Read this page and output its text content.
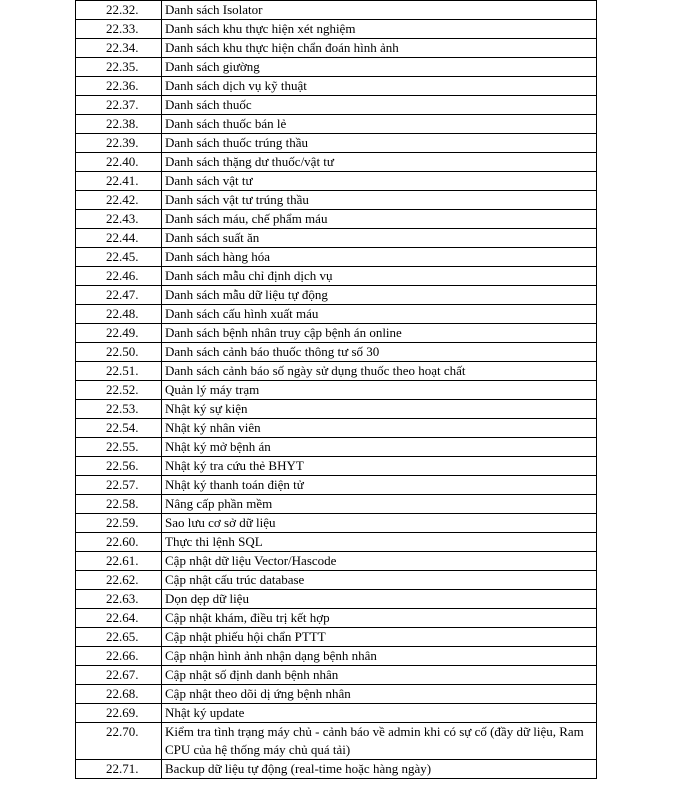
22.32.	Danh sách Isolator
22.33.	Danh sách khu thực hiện xét nghiệm
22.34.	Danh sách khu thực hiện chẩn đoán hình ảnh
22.35.	Danh sách giường
22.36.	Danh sách dịch vụ kỹ thuật
22.37.	Danh sách thuốc
22.38.	Danh sách thuốc bán lẻ
22.39.	Danh sách thuốc trúng thầu
22.40.	Danh sách thặng dư thuốc/vật tư
22.41.	Danh sách vật tư
22.42.	Danh sách vật tư trúng thầu
22.43.	Danh sách máu, chế phẩm máu
22.44.	Danh sách suất ăn
22.45.	Danh sách hàng hóa
22.46.	Danh sách mẫu chỉ định dịch vụ
22.47.	Danh sách mẫu dữ liệu tự động
22.48.	Danh sách cấu hình xuất máu
22.49.	Danh sách bệnh nhân truy cập bệnh án online
22.50.	Danh sách cảnh báo thuốc thông tư số 30
22.51.	Danh sách cảnh báo số ngày sử dụng thuốc theo hoạt chất
22.52.	Quản lý máy trạm
22.53.	Nhật ký sự kiện
22.54.	Nhật ký nhân viên
22.55.	Nhật ký mở bệnh án
22.56.	Nhật ký tra cứu thẻ BHYT
22.57.	Nhật ký thanh toán điện tử
22.58.	Nâng cấp phần mềm
22.59.	Sao lưu cơ sở dữ liệu
22.60.	Thực thi lệnh SQL
22.61.	Cập nhật dữ liệu Vector/Hascode
22.62.	Cập nhật cấu trúc database
22.63.	Dọn dẹp dữ liệu
22.64.	Cập nhật khám, điều trị kết hợp
22.65.	Cập nhật phiếu hội chẩn PTTT
22.66.	Cập nhận hình ảnh nhận dạng bệnh nhân
22.67.	Cập nhật số định danh bệnh nhân
22.68.	Cập nhật theo dõi dị ứng bệnh nhân
22.69.	Nhật ký update
22.70.	Kiểm tra tình trạng máy chủ - cảnh báo về admin khi có sự cố (đầy dữ liệu, Ram CPU của hệ thống máy chủ quá tải)
22.71.	Backup dữ liệu tự động (real-time hoặc hàng ngày)
